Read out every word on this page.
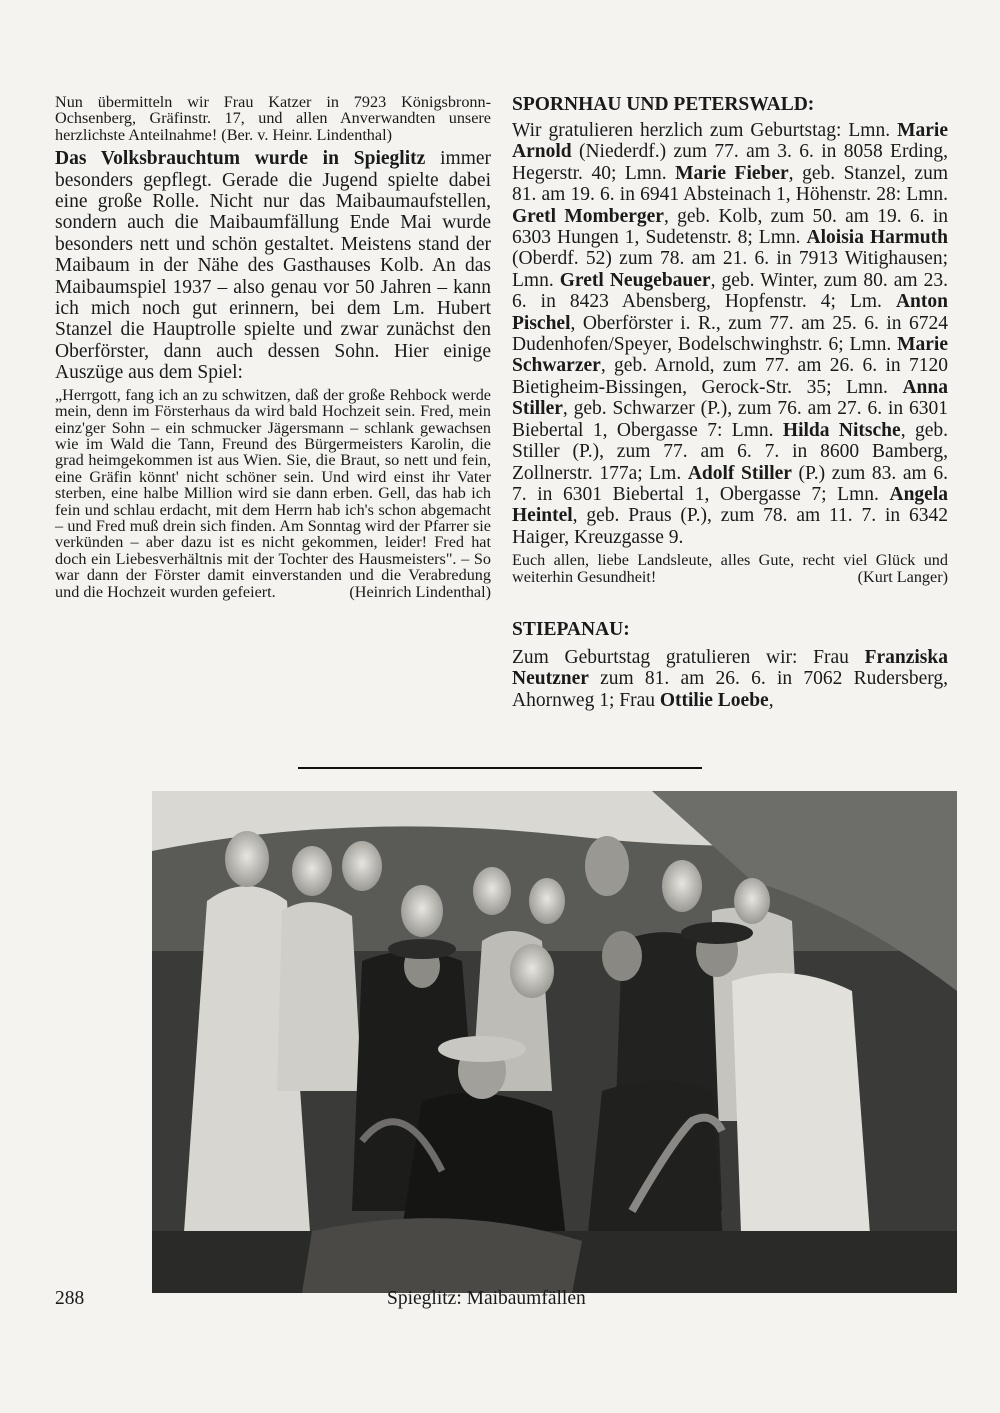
Nun übermitteln wir Frau Katzer in 7923 Königsbronn-Ochsenberg, Gräfinstr. 17, und allen Anverwandten unsere herzlichste Anteilnahme! (Ber. v. Heinr. Lindenthal)

Das Volksbrauchtum wurde in Spieglitz immer besonders gepflegt. Gerade die Jugend spielte dabei eine große Rolle. Nicht nur das Maibaumaufstellen, sondern auch die Maibaumfällung Ende Mai wurde besonders nett und schön gestaltet. Meistens stand der Maibaum in der Nähe des Gasthauses Kolb. An das Maibaumspiel 1937 – also genau vor 50 Jahren – kann ich mich noch gut erinnern, bei dem Lm. Hubert Stanzel die Hauptrolle spielte und zwar zunächst den Oberförster, dann auch dessen Sohn. Hier einige Auszüge aus dem Spiel:

„Herrgott, fang ich an zu schwitzen, daß der große Rehbock werde mein, denn im Försterhaus da wird bald Hochzeit sein. Fred, mein einz'ger Sohn – ein schmucker Jägersmann – schlank gewachsen wie im Wald die Tann, Freund des Bürgermeisters Karolin, die grad heimgekommen ist aus Wien. Sie, die Braut, so nett und fein, eine Gräfin könnt' nicht schöner sein. Und wird einst ihr Vater sterben, eine halbe Million wird sie dann erben. Gell, das hab ich fein und schlau erdacht, mit dem Herrn hab ich's schon abgemacht – und Fred muß drein sich finden. Am Sonntag wird der Pfarrer sie verkünden – aber dazu ist es nicht gekommen, leider! Fred hat doch ein Liebesverhältnis mit der Tochter des Hausmeisters". – So war dann der Förster damit einverstanden und die Verabredung und die Hochzeit wurden gefeiert.	(Heinrich Lindenthal)

SPORNHAU UND PETERSWALD:

Wir gratulieren herzlich zum Geburtstag: Lmn. Marie Arnold (Niederdf.) zum 77. am 3. 6. in 8058 Erding, Hegerstr. 40; Lmn. Marie Fieber, geb. Stanzel, zum 81. am 19. 6. in 6941 Absteinach 1, Höhenstr. 28: Lmn. Gretl Momberger, geb. Kolb, zum 50. am 19. 6. in 6303 Hungen 1, Sudetenstr. 8; Lmn. Aloisia Harmuth (Oberdf. 52) zum 78. am 21. 6. in 7913 Witighausen; Lmn. Gretl Neugebauer, geb. Winter, zum 80. am 23. 6. in 8423 Abensberg, Hopfenstr. 4; Lm. Anton Pischel, Oberförster i. R., zum 77. am 25. 6. in 6724 Dudenhofen/Speyer, Bodelschwinghstr. 6; Lmn. Marie Schwarzer, geb. Arnold, zum 77. am 26. 6. in 7120 Bietigheim-Bissingen, Gerock-Str. 35; Lmn. Anna Stiller, geb. Schwarzer (P.), zum 76. am 27. 6. in 6301 Biebertal 1, Obergasse 7: Lmn. Hilda Nitsche, geb. Stiller (P.), zum 77. am 6. 7. in 8600 Bamberg, Zollnerstr. 177a; Lm. Adolf Stiller (P.) zum 83. am 6. 7. in 6301 Biebertal 1, Obergasse 7; Lmn. Angela Heintel, geb. Praus (P.), zum 78. am 11. 7. in 6342 Haiger, Kreuzgasse 9.

Euch allen, liebe Landsleute, alles Gute, recht viel Glück und weiterhin Gesundheit!	(Kurt Langer)

STIEPANAU:

Zum Geburtstag gratulieren wir: Frau Franziska Neutzner zum 81. am 26. 6. in 7062 Rudersberg, Ahornweg 1; Frau Ottilie Loebe,

288	Spieglitz: Maibaumfällen
